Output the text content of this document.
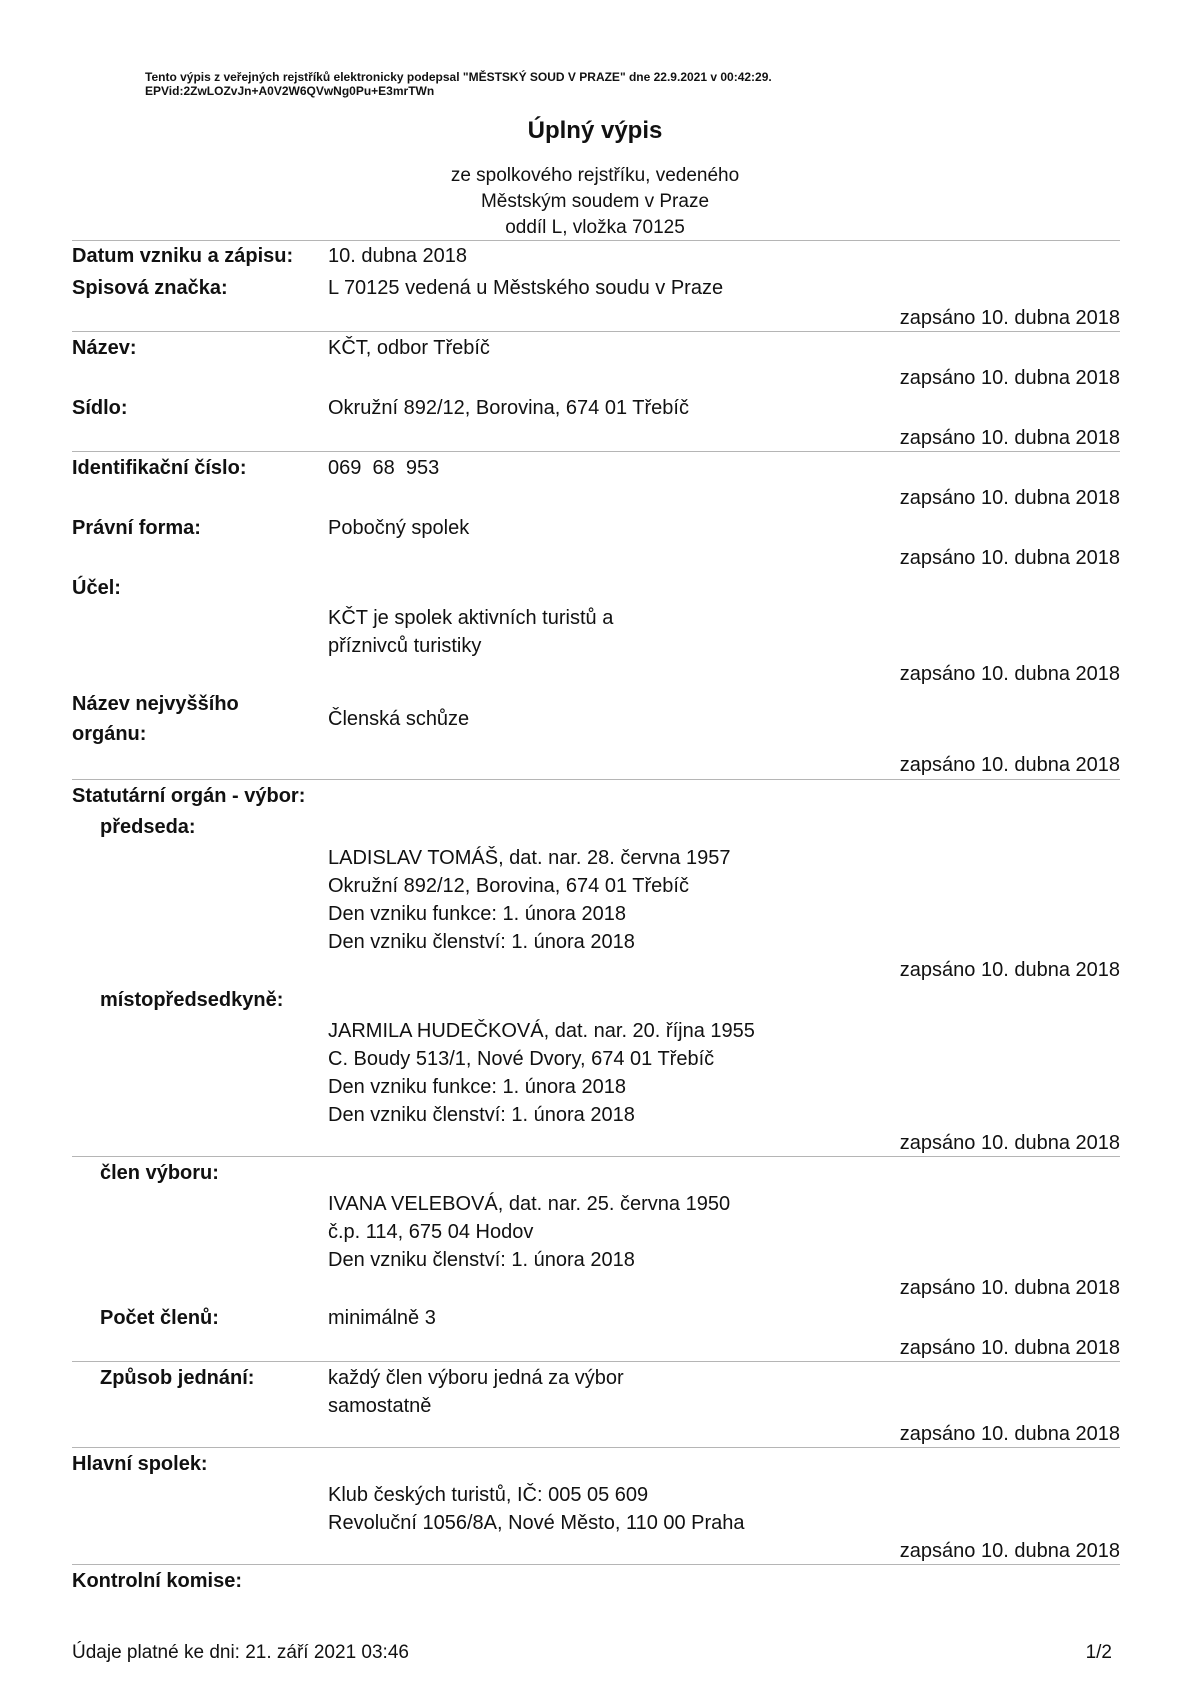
Tento výpis z veřejných rejstříků elektronicky podepsal "MĚSTSKÝ SOUD V PRAZE" dne 22.9.2021 v 00:42:29.
EPVid:2ZwLOZvJn+A0V2W6QVwNg0Pu+E3mrTWn
Úplný výpis
ze spolkového rejstříku, vedeného
Městským soudem v Praze
oddíl L, vložka 70125
Datum vzniku a zápisu: 10. dubna 2018
Spisová značka:	L 70125 vedená u Městského soudu v Praze
zapsáno 10. dubna 2018
Název:	KČT, odbor Třebíč
zapsáno 10. dubna 2018
Sídlo:	Okružní 892/12, Borovina, 674 01 Třebíč
zapsáno 10. dubna 2018
Identifikační číslo:	069  68  953
zapsáno 10. dubna 2018
Právní forma:	Pobočný spolek
zapsáno 10. dubna 2018
Účel:
KČT je spolek aktivních turistů a
příznivců turistiky
zapsáno 10. dubna 2018
Název nejvyššího
orgánu:
Členská schůze
zapsáno 10. dubna 2018
Statutární orgán - výbor:
předseda:
LADISLAV TOMÁŠ, dat. nar. 28. června 1957
Okružní 892/12, Borovina, 674 01 Třebíč
Den vzniku funkce: 1. února 2018
Den vzniku členství: 1. února 2018
zapsáno 10. dubna 2018
místopředsedkyně:
JARMILA HUDEČKOVÁ, dat. nar. 20. října 1955
C. Boudy 513/1, Nové Dvory, 674 01 Třebíč
Den vzniku funkce: 1. února 2018
Den vzniku členství: 1. února 2018
zapsáno 10. dubna 2018
člen výboru:
IVANA VELEBOVÁ, dat. nar. 25. června 1950
č.p. 114, 675 04 Hodov
Den vzniku členství: 1. února 2018
zapsáno 10. dubna 2018
Počet členů:	minimálně 3
zapsáno 10. dubna 2018
Způsob jednání:	každý člen výboru jedná za výbor
samostatně
zapsáno 10. dubna 2018
Hlavní spolek:
Klub českých turistů, IČ: 005 05 609
Revoluční 1056/8A, Nové Město, 110 00 Praha
zapsáno 10. dubna 2018
Kontrolní komise:
Údaje platné ke dni: 21. září 2021 03:46	1/2
